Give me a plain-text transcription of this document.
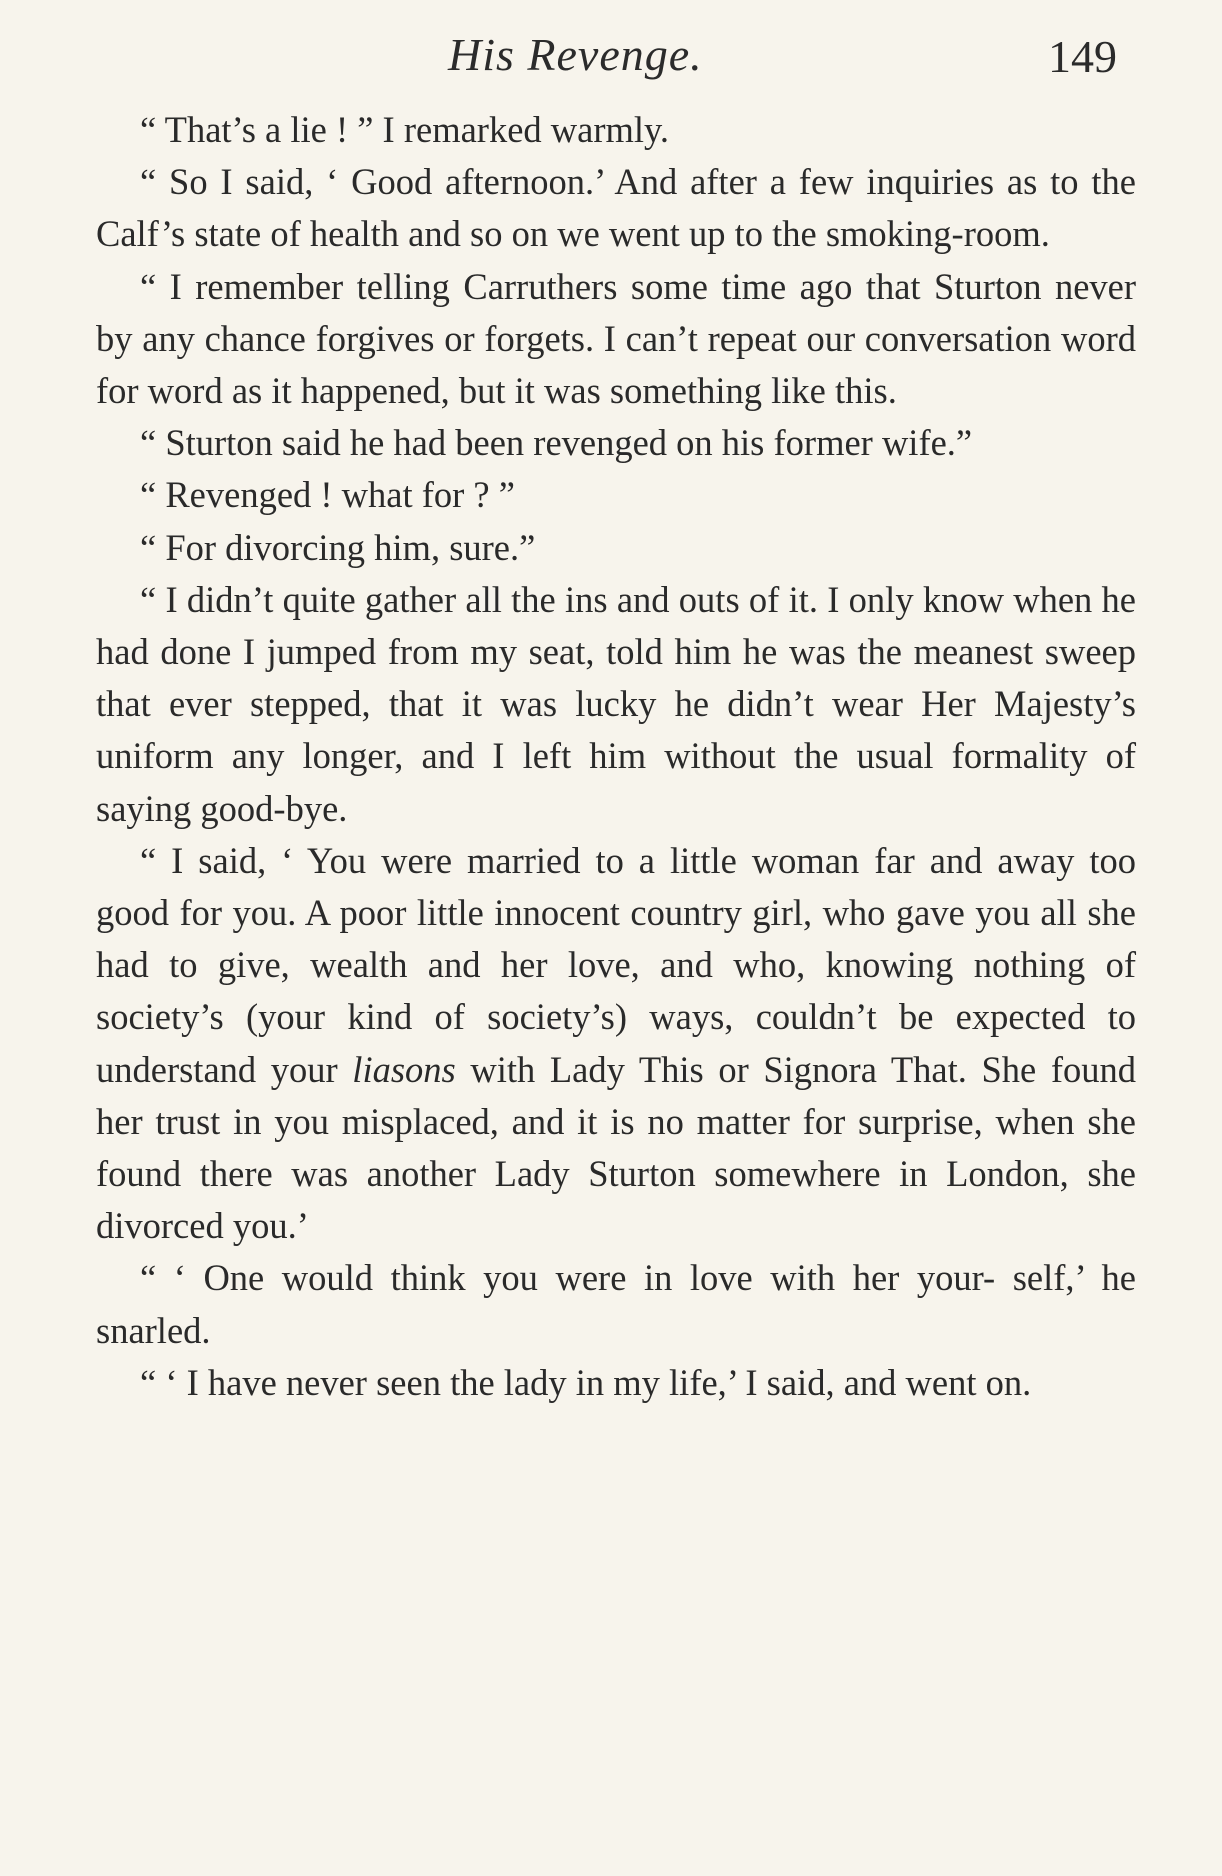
His Revenge.	149

“ That’s a lie ! ” I remarked warmly.

“ So I said, ‘ Good afternoon.’ And after a few inquiries as to the Calf’s state of health and so on we went up to the smoking-room.

“ I remember telling Carruthers some time ago that Sturton never by any chance forgives or forgets. I can’t repeat our conversation word for word as it happened, but it was something like this.

“ Sturton said he had been revenged on his former wife.”

“ Revenged ! what for ? ”

“ For divorcing him, sure.”

“ I didn’t quite gather all the ins and outs of it. I only know when he had done I jumped from my seat, told him he was the meanest sweep that ever stepped, that it was lucky he didn’t wear Her Majesty’s uniform any longer, and I left him without the usual formality of saying good-bye.

“ I said, ‘ You were married to a little woman far and away too good for you. A poor little innocent country girl, who gave you all she had to give, wealth and her love, and who, knowing nothing of society’s (your kind of society’s) ways, couldn’t be expected to understand your liasons with Lady This or Signora That. She found her trust in you misplaced, and it is no matter for surprise, when she found there was another Lady Sturton somewhere in London, she divorced you.’

“ ‘ One would think you were in love with her your- self,’ he snarled.

“ ‘ I have never seen the lady in my life,’ I said, and went on.
